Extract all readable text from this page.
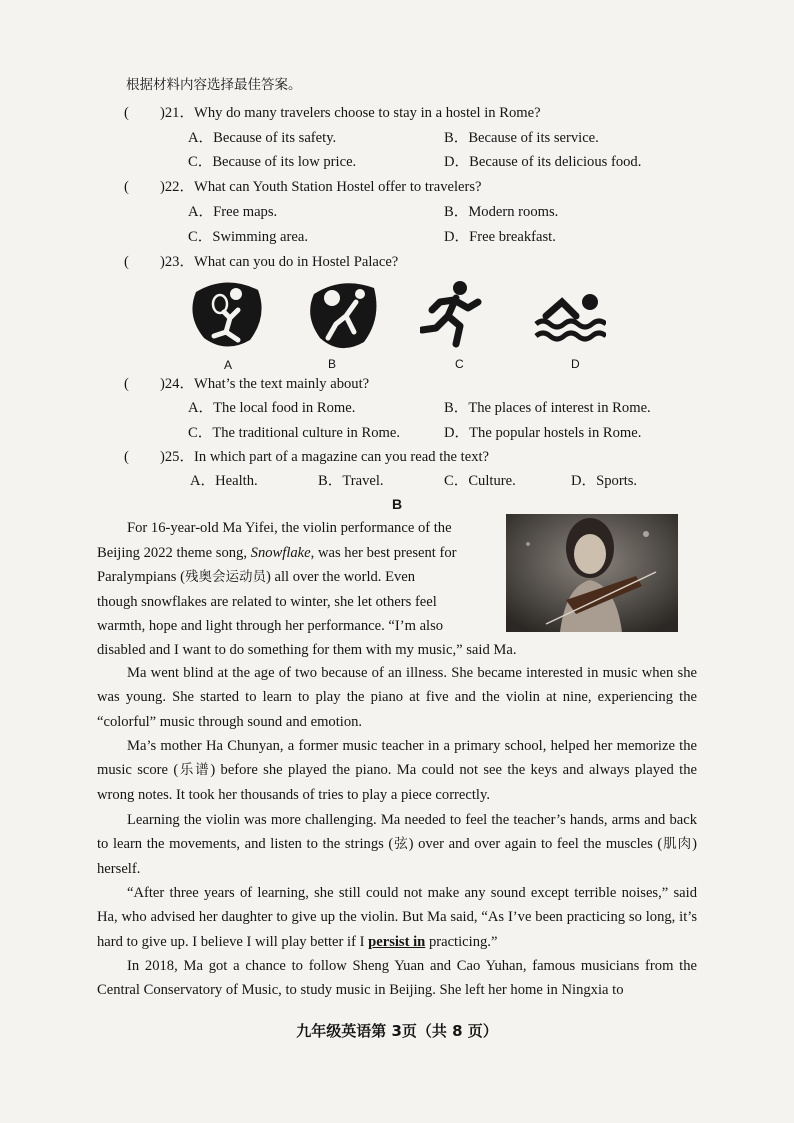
根据材料内容选择最佳答案。
( )21．Why do many travelers choose to stay in a hostel in Rome?
A．Because of its safety.	B．Because of its service.
C．Because of its low price.	D．Because of its delicious food.
( )22．What can Youth Station Hostel offer to travelers?
A．Free maps.	B．Modern rooms.
C．Swimming area.	D．Free breakfast.
( )23．What can you do in Hostel Palace?
A	B	C	D
( )24．What’s the text mainly about?
A．The local food in Rome.	B．The places of interest in Rome.
C．The traditional culture in Rome.	D．The popular hostels in Rome.
( )25．In which part of a magazine can you read the text?
A．Health.	B．Travel.	C．Culture.	D．Sports.
B
For 16-year-old Ma Yifei, the violin performance of the
Beijing 2022 theme song, Snowflake, was her best present for
Paralympians (残奥会运动员) all over the world. Even
though snowflakes are related to winter, she let others feel
warmth, hope and light through her performance. “I’m also
disabled and I want to do something for them with my music,” said Ma.
Ma went blind at the age of two because of an illness. She became interested in music when she was young. She started to learn to play the piano at five and the violin at nine, experiencing the “colorful” music through sound and emotion.
Ma’s mother Ha Chunyan, a former music teacher in a primary school, helped her memorize the music score (乐谱) before she played the piano. Ma could not see the keys and always played the wrong notes. It took her thousands of tries to play a piece correctly.
Learning the violin was more challenging. Ma needed to feel the teacher’s hands, arms and back to learn the movements, and listen to the strings (弦) over and over again to feel the muscles (肌肉) herself.
“After three years of learning, she still could not make any sound except terrible noises,” said Ha, who advised her daughter to give up the violin. But Ma said, “As I’ve been practicing so long, it’s hard to give up. I believe I will play better if I persist in practicing.”
In 2018, Ma got a chance to follow Sheng Yuan and Cao Yuhan, famous musicians from the Central Conservatory of Music, to study music in Beijing. She left her home in Ningxia to
九年级英语第 3页（共 8 页）
